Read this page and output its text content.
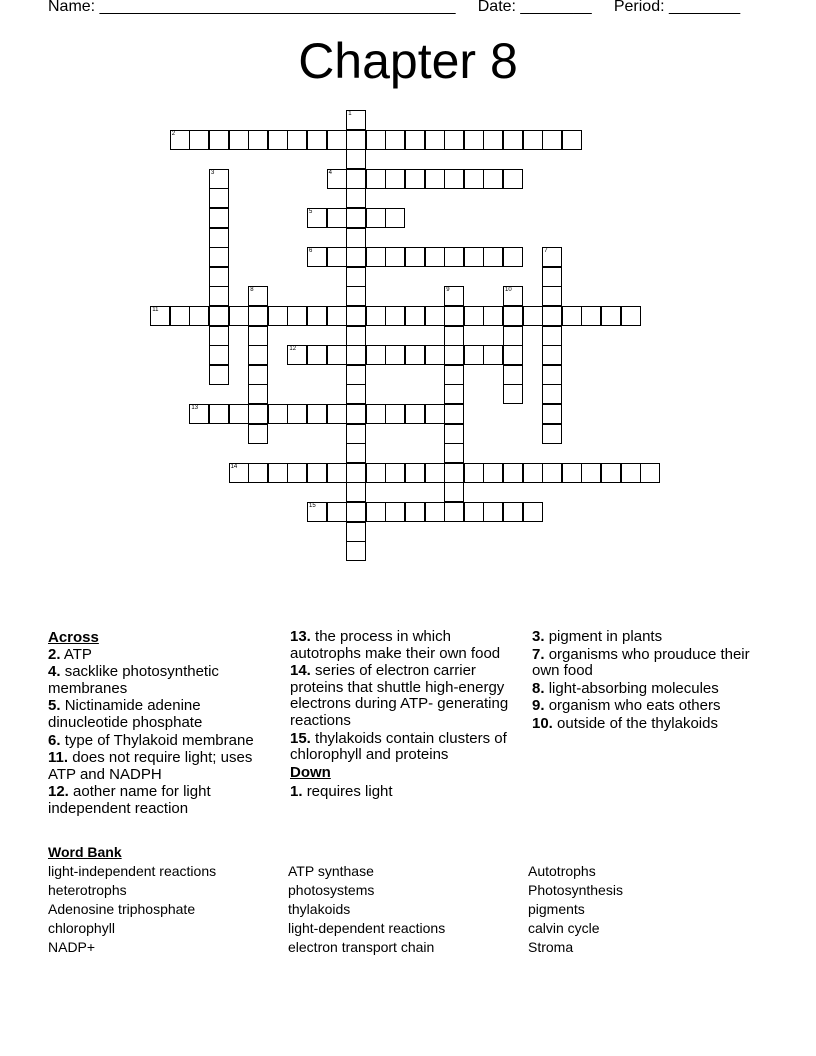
Name: ________________________________________     Date: ________     Period: ________
Chapter 8
1
2
3	4
5
6	7
8	9	10
11
12
13
14
15
Across
2. ATP
4. sacklike photosynthetic membranes
5. Nictinamide adenine dinucleotide phosphate
6. type of Thylakoid membrane
11. does not require light; uses ATP and NADPH
12. aother name for light independent reaction
13. the process in which autotrophs make their own food
14. series of electron carrier proteins that shuttle high-energy electrons during ATP- generating reactions
15. thylakoids contain clusters of chlorophyll and proteins
Down
1. requires light
3. pigment in plants
7. organisms who prouduce their own food
8. light-absorbing molecules
9. organism who eats others
10. outside of the thylakoids
Word Bank
light-independent reactions	ATP synthase	Autotrophs
heterotrophs	photosystems	Photosynthesis
Adenosine triphosphate	thylakoids	pigments
chlorophyll	light-dependent reactions	calvin cycle
NADP+	electron transport chain	Stroma
